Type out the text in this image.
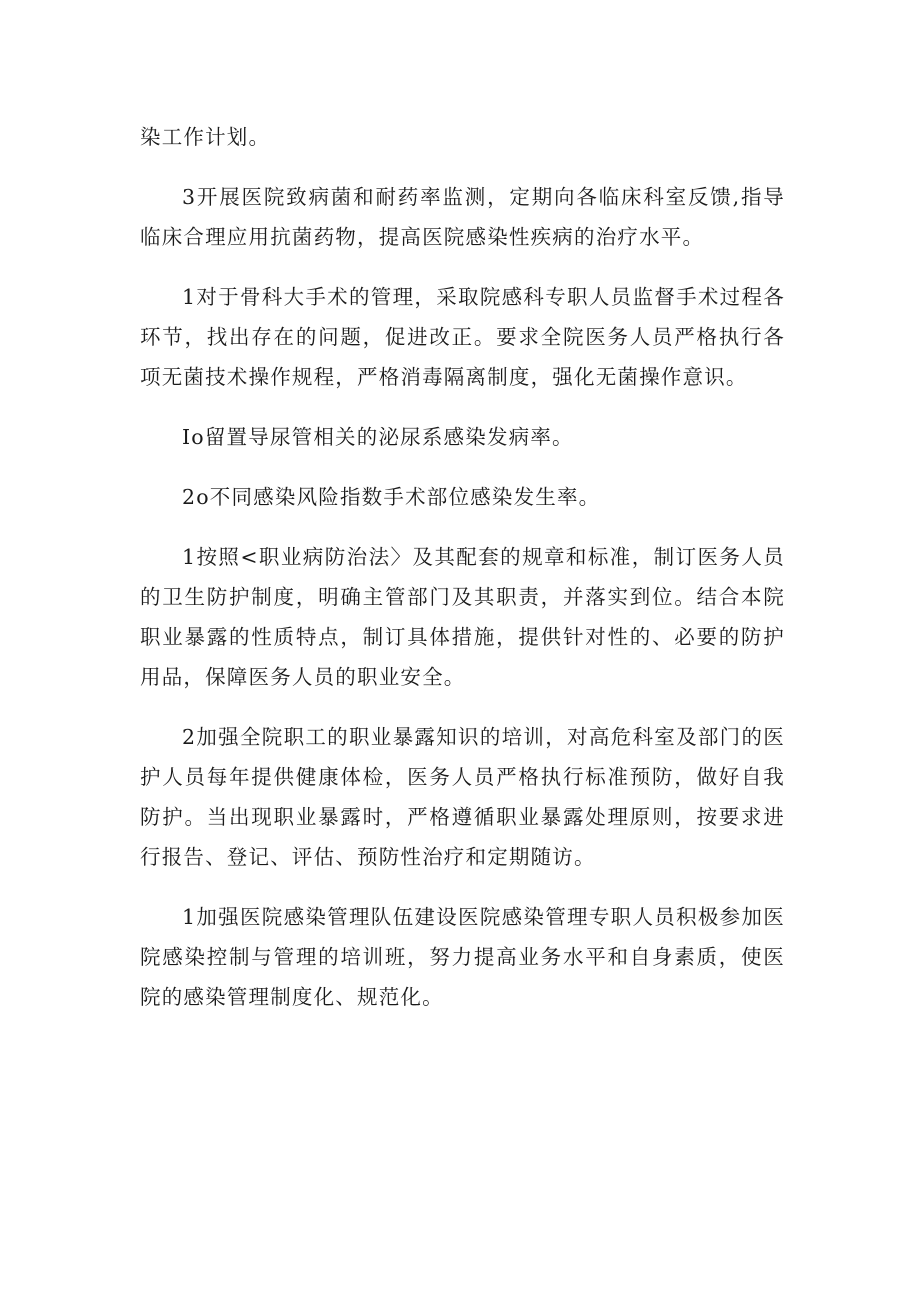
染工作计划。

3开展医院致病菌和耐药率监测，定期向各临床科室反馈,指导临床合理应用抗菌药物，提高医院感染性疾病的治疗水平。

1对于骨科大手术的管理，采取院感科专职人员监督手术过程各环节，找出存在的问题，促进改正。要求全院医务人员严格执行各项无菌技术操作规程，严格消毒隔离制度，强化无菌操作意识。

Io留置导尿管相关的泌尿系感染发病率。

2o不同感染风险指数手术部位感染发生率。

1按照<职业病防治法〉及其配套的规章和标准，制订医务人员的卫生防护制度，明确主管部门及其职责，并落实到位。结合本院职业暴露的性质特点，制订具体措施，提供针对性的、必要的防护用品，保障医务人员的职业安全。

2加强全院职工的职业暴露知识的培训，对高危科室及部门的医护人员每年提供健康体检，医务人员严格执行标准预防，做好自我防护。当出现职业暴露时，严格遵循职业暴露处理原则，按要求进行报告、登记、评估、预防性治疗和定期随访。

1加强医院感染管理队伍建设医院感染管理专职人员积极参加医院感染控制与管理的培训班，努力提高业务水平和自身素质，使医院的感染管理制度化、规范化。
